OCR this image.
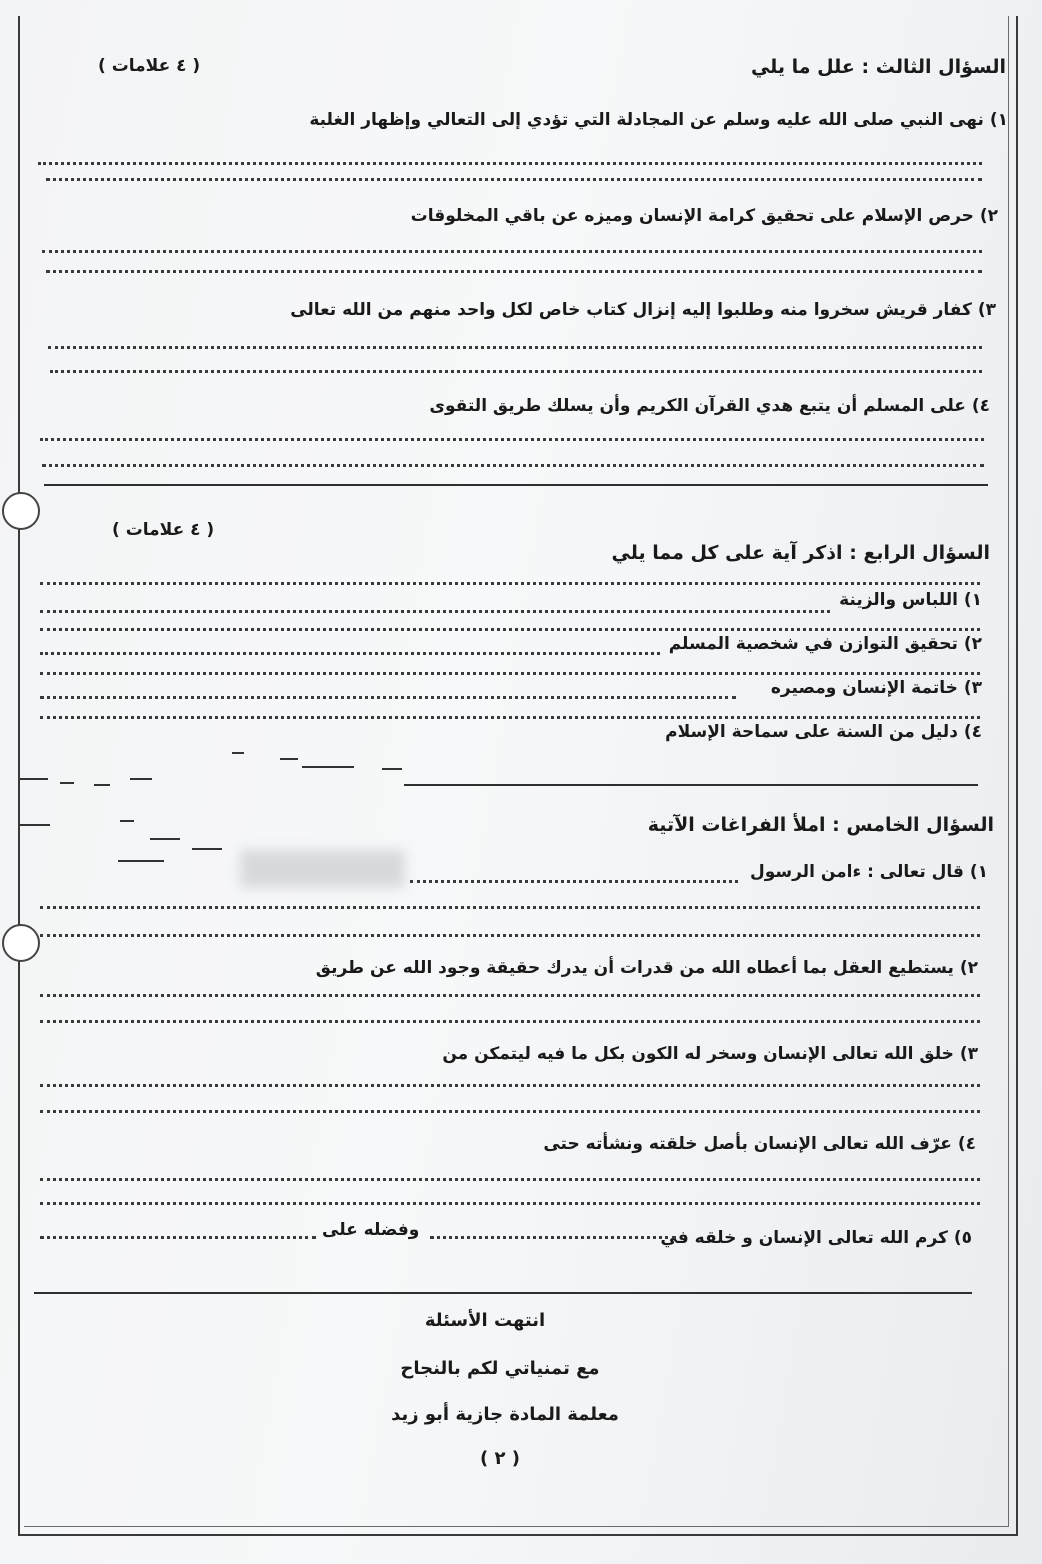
السؤال الثالث : علل ما يلي
( ٤ علامات )
١) نهى النبي صلى الله عليه وسلم عن المجادلة التي تؤدي إلى التعالي وإظهار الغلبة
٢) حرص الإسلام على تحقيق كرامة الإنسان وميزه عن باقي المخلوقات
٣) كفار قريش سخروا منه وطلبوا إليه إنزال كتاب خاص لكل واحد منهم من الله تعالى
٤) على المسلم أن يتبع هدي القرآن الكريم وأن يسلك طريق التقوى
( ٤ علامات )
السؤال الرابع : اذكر آية على كل مما يلي
١) اللباس والزينة
٢) تحقيق التوازن في شخصية المسلم
٣) خاتمة الإنسان ومصيره
٤) دليل من السنة على سماحة الإسلام
السؤال الخامس : املأ الفراغات الآتية
١) قال تعالى : ءامن الرسول
٢) يستطيع العقل بما أعطاه الله من قدرات أن يدرك حقيقة وجود الله عن طريق
٣) خلق الله تعالى الإنسان وسخر له الكون بكل ما فيه ليتمكن من
٤) عرّف الله تعالى الإنسان بأصل خلقته ونشأته حتى
٥) كرم الله تعالى الإنسان و خلقه في
وفضله على
انتهت الأسئلة
مع تمنياتي لكم بالنجاح
معلمة المادة جازية أبو زيد
( ٢ )
